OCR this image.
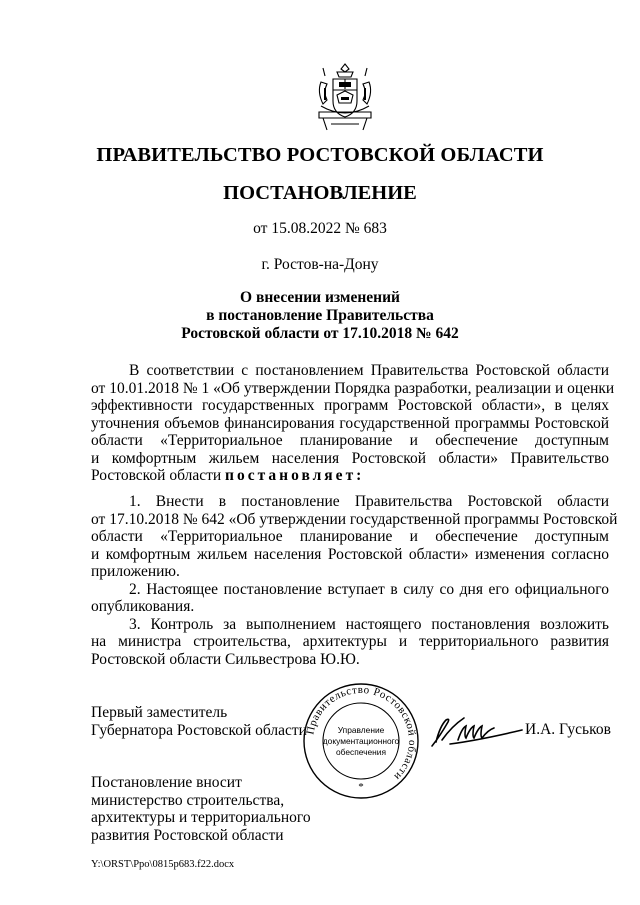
ПРАВИТЕЛЬСТВО РОСТОВСКОЙ ОБЛАСТИ
ПОСТАНОВЛЕНИЕ
от 15.08.2022 № 683
г. Ростов-на-Дону
О внесении изменений
в постановление Правительства
Ростовской области от 17.10.2018 № 642
В соответствии с постановлением Правительства Ростовской области
от 10.01.2018 № 1 «Об утверждении Порядка разработки, реализации и оценки
эффективности государственных программ Ростовской области», в целях
уточнения объемов финансирования государственной программы Ростовской
области «Территориальное планирование и обеспечение доступным
и комфортным жильем населения Ростовской области» Правительство
Ростовской области постановляет:
1. Внести в постановление Правительства Ростовской области
от 17.10.2018 № 642 «Об утверждении государственной программы Ростовской
области «Территориальное планирование и обеспечение доступным
и комфортным жильем населения Ростовской области» изменения согласно
приложению.
2. Настоящее постановление вступает в силу со дня его официального
опубликования.
3. Контроль за выполнением настоящего постановления возложить
на министра строительства, архитектуры и территориального развития
Ростовской области Сильвестрова Ю.Ю.
Первый заместитель
Губернатора Ростовской области
Правительство Ростовской области
Управление
документационного
обеспечения
*
И.А. Гуськов
Постановление вносит
министерство строительства,
архитектуры и территориального
развития Ростовской области
Y:\ORST\Ppo\0815p683.f22.docx
